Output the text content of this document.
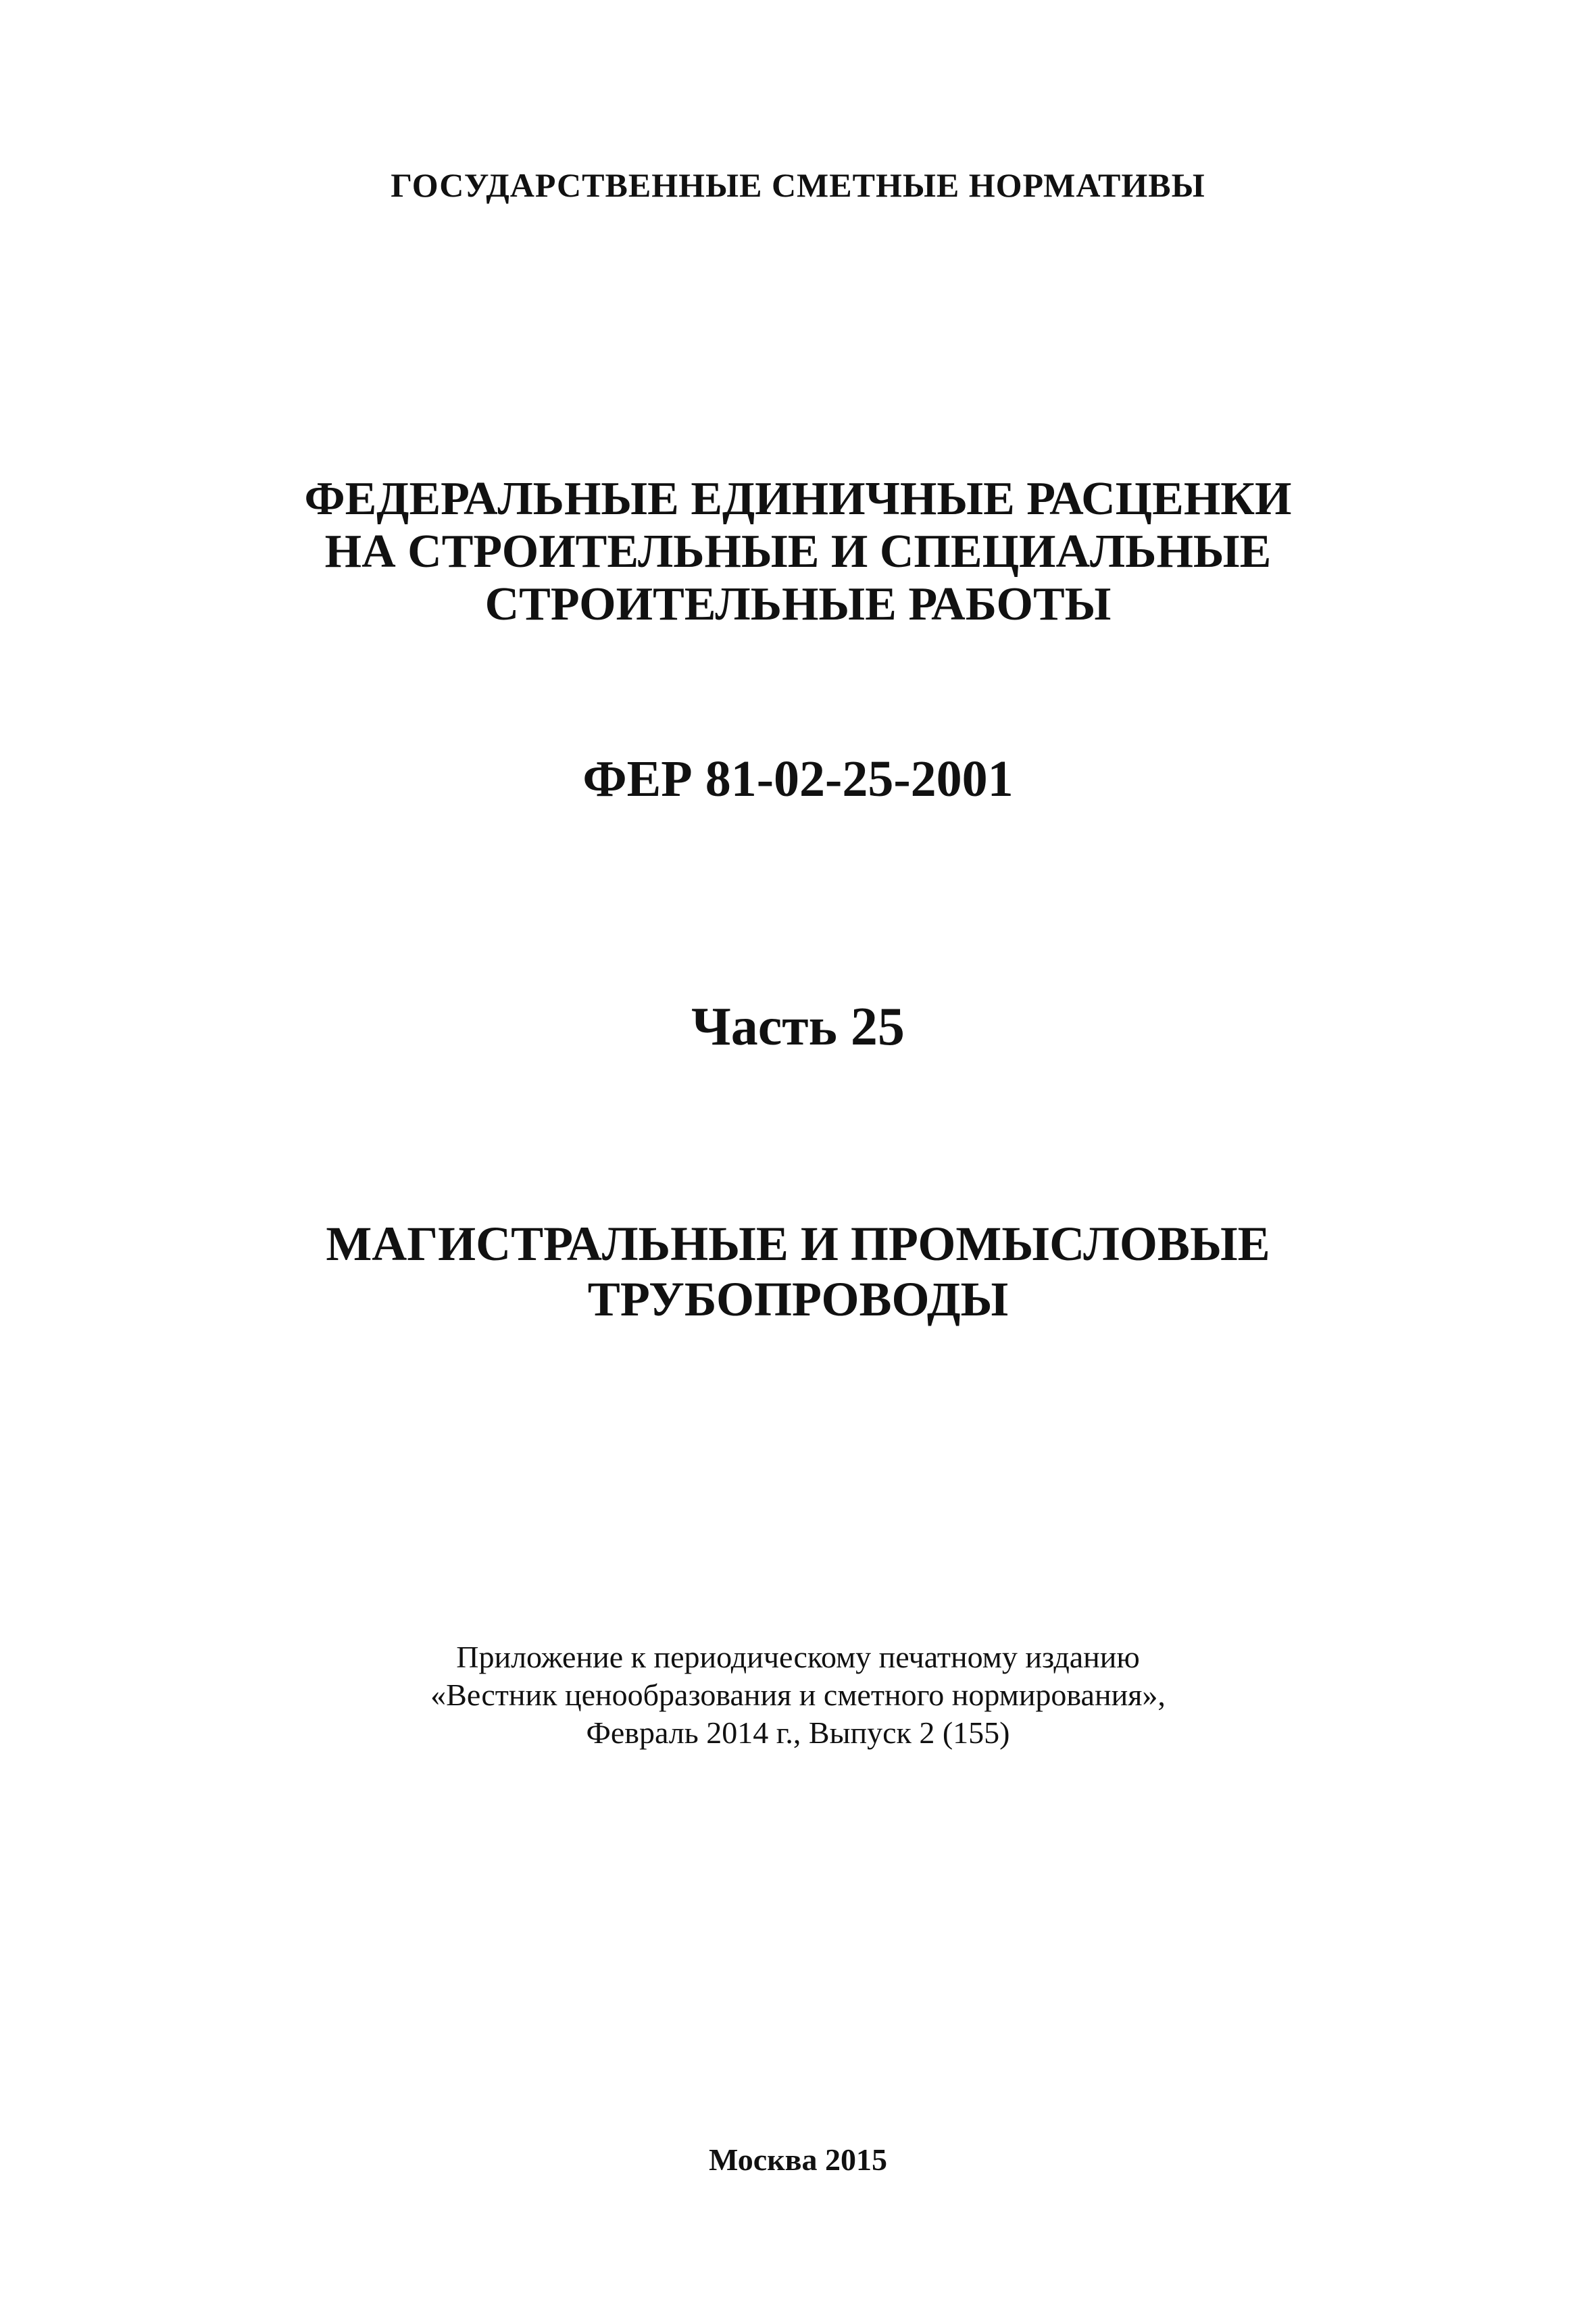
ГОСУДАРСТВЕННЫЕ СМЕТНЫЕ НОРМАТИВЫ
ФЕДЕРАЛЬНЫЕ ЕДИНИЧНЫЕ РАСЦЕНКИ
НА СТРОИТЕЛЬНЫЕ И СПЕЦИАЛЬНЫЕ
СТРОИТЕЛЬНЫЕ РАБОТЫ
ФЕР 81-02-25-2001
Часть 25
МАГИСТРАЛЬНЫЕ И ПРОМЫСЛОВЫЕ
ТРУБОПРОВОДЫ
Приложение к периодическому печатному изданию
«Вестник ценообразования и сметного нормирования»,
Февраль 2014 г., Выпуск 2 (155)
Москва 2015
